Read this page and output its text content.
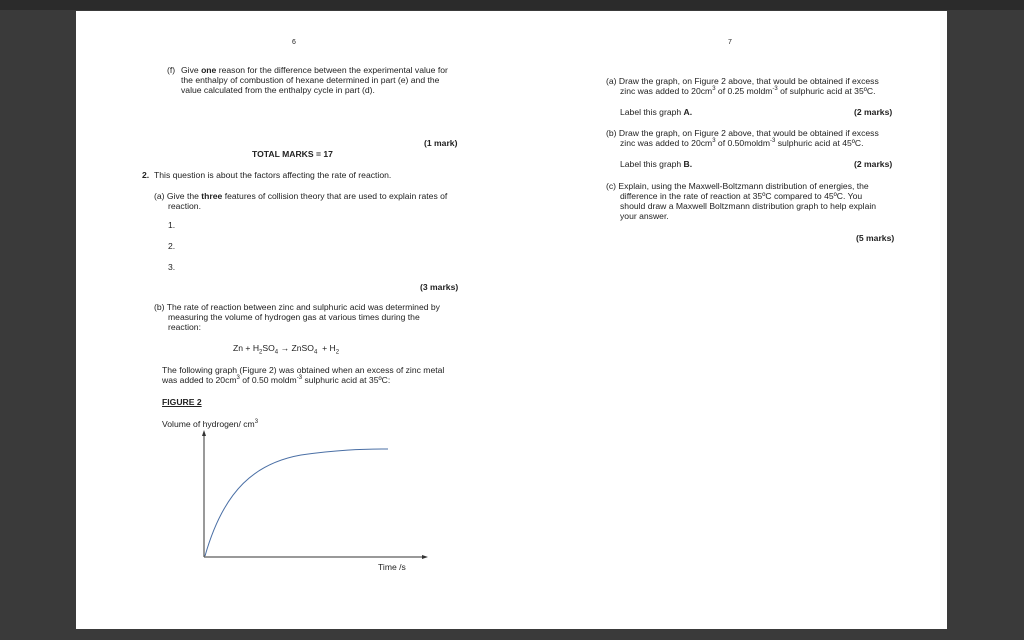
6	7
(f) Give one reason for the difference between the experimental value for
the enthalpy of combustion of hexane determined in part (e) and the
value calculated from the enthalpy cycle in part (d).
(1 mark)
TOTAL MARKS = 17
2. This question is about the factors affecting the rate of reaction.
(a) Give the three features of collision theory that are used to explain rates of
reaction.
1.
2.
3.
(3 marks)
(b) The rate of reaction between zinc and sulphuric acid was determined by
measuring the volume of hydrogen gas at various times during the
reaction:
$Zn + H_2SO_4$ → ZnSO$_4$ + $H_2$
The following graph (Figure 2) was obtained when an excess of zinc metal
was added to $20cm^3$ of 0.50 moldm$^{-3}$ sulphuric acid at 35ºC:
FIGURE 2
Volume of hydrogen/ $cm^3$
Time /s
(a) Draw the graph, on Figure 2 above, that would be obtained if excess
zinc was added to $20cm^3$ of 0.25 moldm$^{-3}$ of sulphuric acid at 35ºC.
Label this graph A.	(2 marks)
(b) Draw the graph, on Figure 2 above, that would be obtained if excess
zinc was added to $20cm^3$ of 0.50moldm$^{-3}$ sulphuric acid at 45ºC.
Label this graph B.	(2 marks)
(c) Explain, using the Maxwell-Boltzmann distribution of energies, the
difference in the rate of reaction at 35ºC compared to 45ºC. You
should draw a Maxwell Boltzmann distribution graph to help explain
your answer.
(5 marks)
